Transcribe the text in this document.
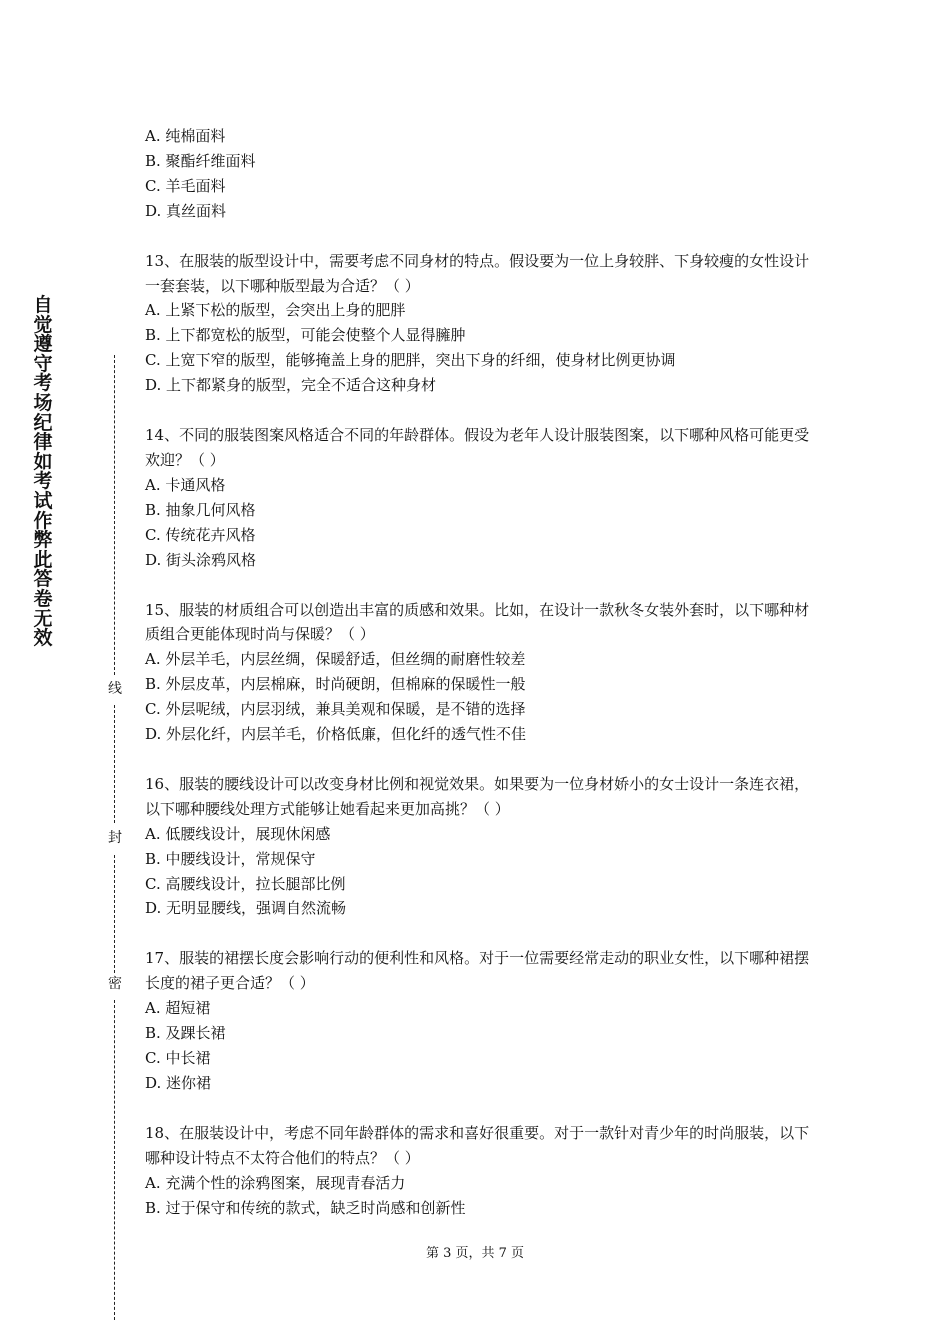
自觉遵守考场纪律如考试作弊此答卷无效
线
封
密

A. 纯棉面料

B. 聚酯纤维面料

C. 羊毛面料

D. 真丝面料

13、在服装的版型设计中，需要考虑不同身材的特点。假设要为一位上身较胖、下身较瘦的女性设计一套套装，以下哪种版型最为合适？（ ）

A. 上紧下松的版型，会突出上身的肥胖

B. 上下都宽松的版型，可能会使整个人显得臃肿

C. 上宽下窄的版型，能够掩盖上身的肥胖，突出下身的纤细，使身材比例更协调

D. 上下都紧身的版型，完全不适合这种身材

14、不同的服装图案风格适合不同的年龄群体。假设为老年人设计服装图案，以下哪种风格可能更受欢迎？（ ）

A. 卡通风格

B. 抽象几何风格

C. 传统花卉风格

D. 街头涂鸦风格

15、服装的材质组合可以创造出丰富的质感和效果。比如，在设计一款秋冬女装外套时，以下哪种材质组合更能体现时尚与保暖？（ ）

A. 外层羊毛，内层丝绸，保暖舒适，但丝绸的耐磨性较差

B. 外层皮革，内层棉麻，时尚硬朗，但棉麻的保暖性一般

C. 外层呢绒，内层羽绒，兼具美观和保暖，是不错的选择

D. 外层化纤，内层羊毛，价格低廉，但化纤的透气性不佳

16、服装的腰线设计可以改变身材比例和视觉效果。如果要为一位身材娇小的女士设计一条连衣裙，以下哪种腰线处理方式能够让她看起来更加高挑？（ ）

A. 低腰线设计，展现休闲感

B. 中腰线设计，常规保守

C. 高腰线设计，拉长腿部比例

D. 无明显腰线，强调自然流畅

17、服装的裙摆长度会影响行动的便利性和风格。对于一位需要经常走动的职业女性，以下哪种裙摆长度的裙子更合适？（ ）

A. 超短裙

B. 及踝长裙

C. 中长裙

D. 迷你裙

18、在服装设计中，考虑不同年龄群体的需求和喜好很重要。对于一款针对青少年的时尚服装，以下哪种设计特点不太符合他们的特点？（ ）

A. 充满个性的涂鸦图案，展现青春活力

B. 过于保守和传统的款式，缺乏时尚感和创新性

第 3 页，共 7 页
